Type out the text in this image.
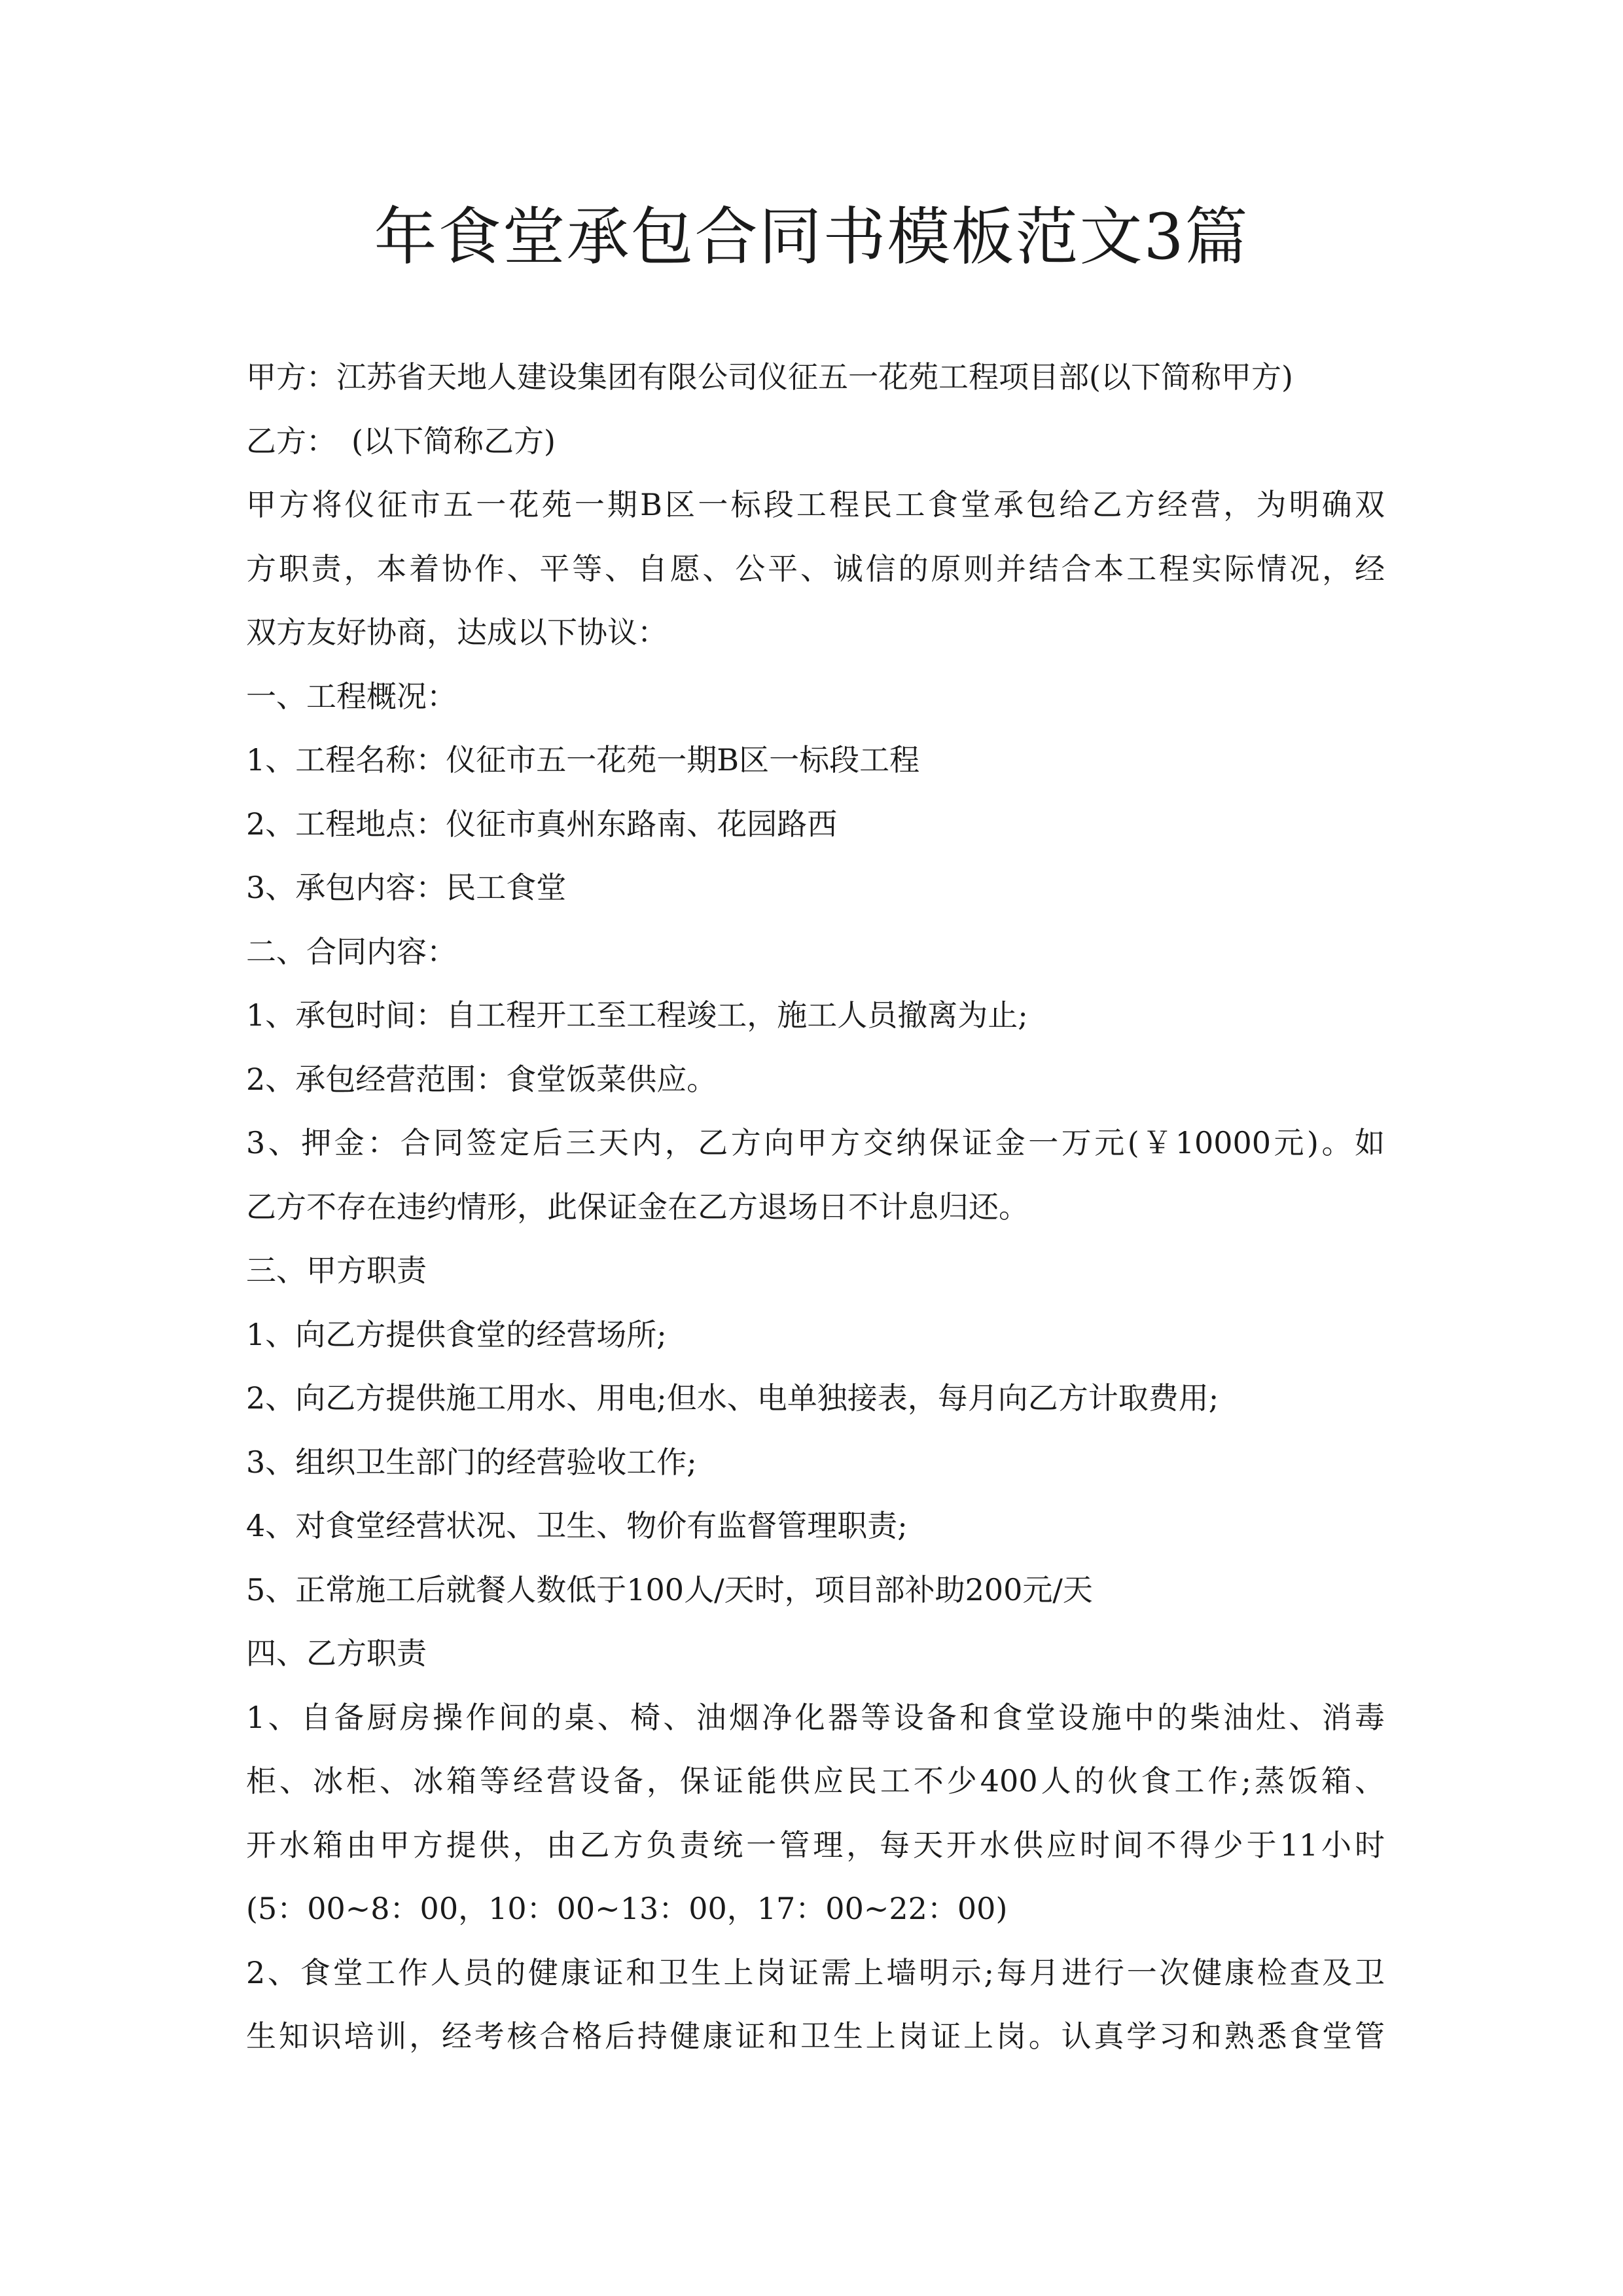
年食堂承包合同书模板范文3篇
甲方：江苏省天地人建设集团有限公司仪征五一花苑工程项目部(以下简称甲方)
乙方：　(以下简称乙方)
甲方将仪征市五一花苑一期B区一标段工程民工食堂承包给乙方经营，为明确双
方职责，本着协作、平等、自愿、公平、诚信的原则并结合本工程实际情况，经
双方友好协商，达成以下协议：
一、工程概况：
1、工程名称：仪征市五一花苑一期B区一标段工程
2、工程地点：仪征市真州东路南、花园路西
3、承包内容：民工食堂
二、合同内容：
1、承包时间：自工程开工至工程竣工，施工人员撤离为止;
2、承包经营范围：食堂饭菜供应。
3、押金：合同签定后三天内，乙方向甲方交纳保证金一万元(￥10000元)。如
乙方不存在违约情形，此保证金在乙方退场日不计息归还。
三、甲方职责
1、向乙方提供食堂的经营场所;
2、向乙方提供施工用水、用电;但水、电单独接表，每月向乙方计取费用;
3、组织卫生部门的经营验收工作;
4、对食堂经营状况、卫生、物价有监督管理职责;
5、正常施工后就餐人数低于100人/天时，项目部补助200元/天
四、乙方职责
1、自备厨房操作间的桌、椅、油烟净化器等设备和食堂设施中的柴油灶、消毒
柜、冰柜、冰箱等经营设备，保证能供应民工不少400人的伙食工作;蒸饭箱、
开水箱由甲方提供，由乙方负责统一管理，每天开水供应时间不得少于11小时
(5：00~8：00，10：00~13：00，17：00~22：00)
2、食堂工作人员的健康证和卫生上岗证需上墙明示;每月进行一次健康检查及卫
生知识培训，经考核合格后持健康证和卫生上岗证上岗。认真学习和熟悉食堂管
